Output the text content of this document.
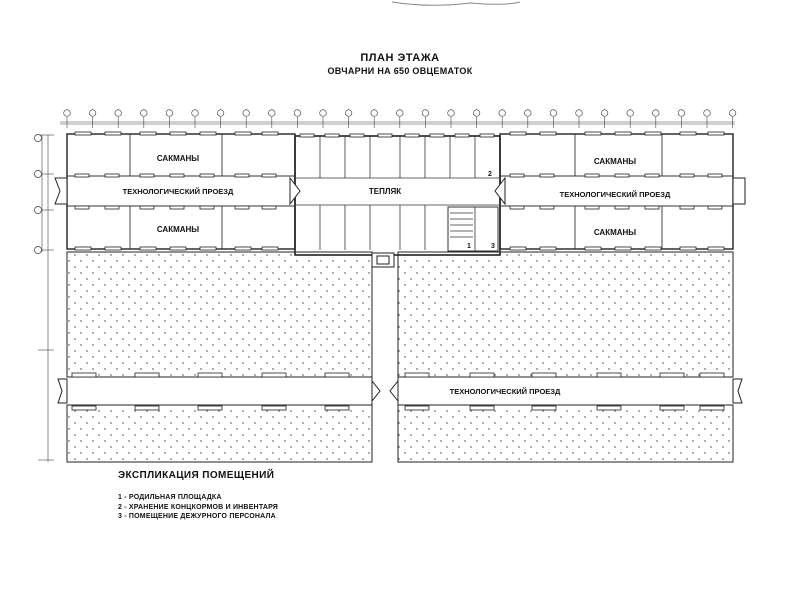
ПЛАН ЭТАЖА
ОВЧАРНИ НА 650 ОВЦЕМАТОК
САКМАНЫ
САКМАНЫ
САКМАНЫ
САКМАНЫ
ТЕХНОЛОГИЧЕСКИЙ ПРОЕЗД	ТЕПЛЯК	ТЕХНОЛОГИЧЕСКИЙ ПРОЕЗД
ТЕХНОЛОГИЧЕСКИЙ ПРОЕЗД
1
2
3
ЭКСПЛИКАЦИЯ ПОМЕЩЕНИЙ
1 - РОДИЛЬНАЯ ПЛОЩАДКА
2 - ХРАНЕНИЕ КОНЦКОРМОВ И ИНВЕНТАРЯ
3 - ПОМЕЩЕНИЕ ДЕЖУРНОГО ПЕРСОНАЛА
